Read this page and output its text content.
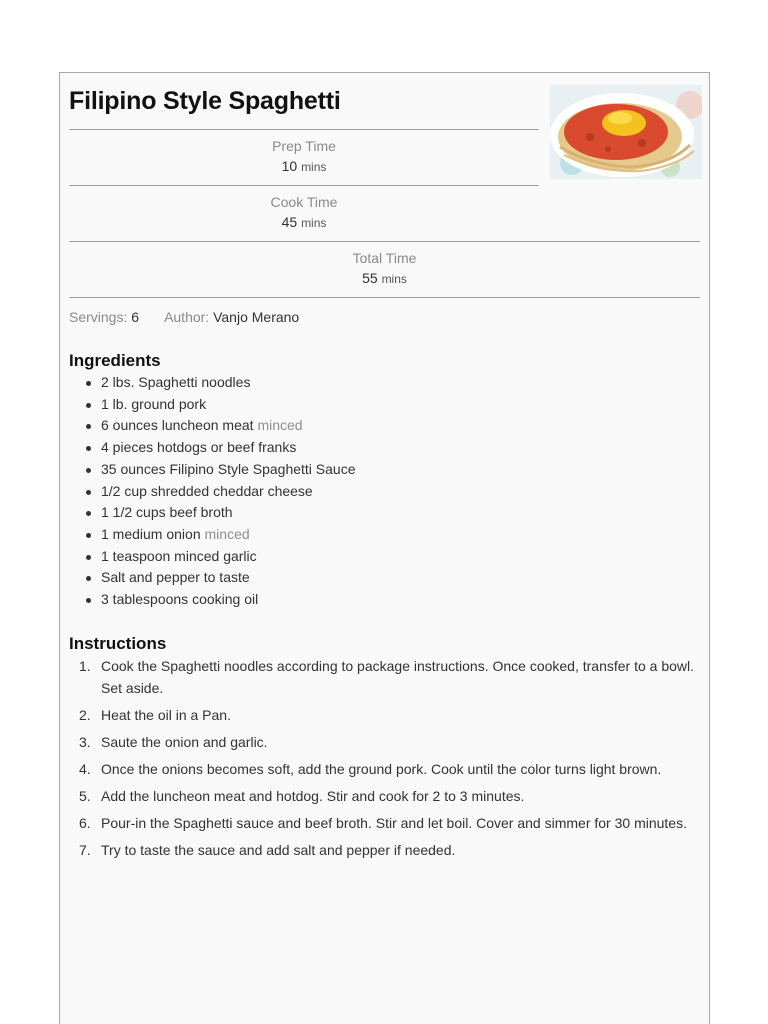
Filipino Style Spaghetti
Prep Time
10 mins
Cook Time
45 mins
Total Time
55 mins
Servings: 6 Author: Vanjo Merano
Ingredients
2 lbs. Spaghetti noodles
1 lb. ground pork
6 ounces luncheon meat minced
4 pieces hotdogs or beef franks
35 ounces Filipino Style Spaghetti Sauce
1/2 cup shredded cheddar cheese
1 1/2 cups beef broth
1 medium onion minced
1 teaspoon minced garlic
Salt and pepper to taste
3 tablespoons cooking oil
Instructions
1. Cook the Spaghetti noodles according to package instructions. Once cooked, transfer to a bowl. Set aside.
2. Heat the oil in a Pan.
3. Saute the onion and garlic.
4. Once the onions becomes soft, add the ground pork. Cook until the color turns light brown.
5. Add the luncheon meat and hotdog. Stir and cook for 2 to 3 minutes.
6. Pour-in the Spaghetti sauce and beef broth. Stir and let boil. Cover and simmer for 30 minutes.
7. Try to taste the sauce and add salt and pepper if needed.
